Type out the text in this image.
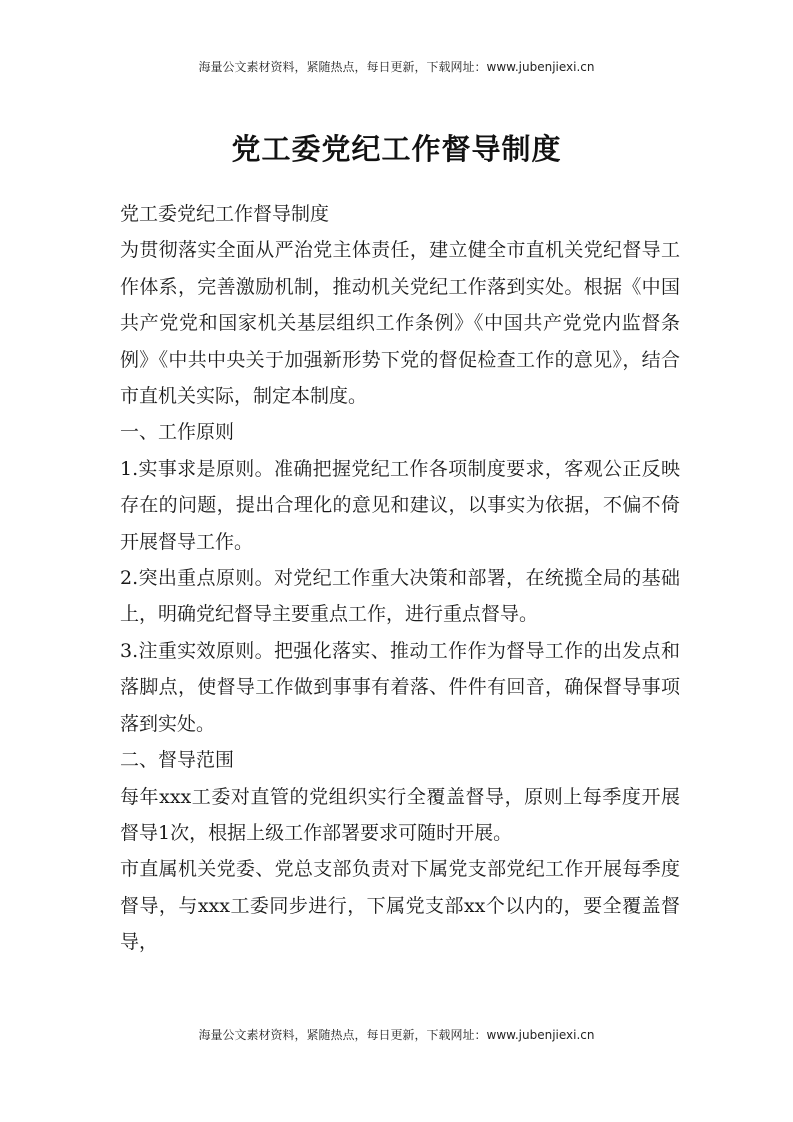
海量公文素材资料，紧随热点，每日更新，下载网址：www.jubenjiexi.cn
党工委党纪工作督导制度

党工委党纪工作督导制度

为贯彻落实全面从严治党主体责任，建立健全市直机关党纪督导工作体系，完善激励机制，推动机关党纪工作落到实处。根据《中国共产党党和国家机关基层组织工作条例》《中国共产党党内监督条例》《中共中央关于加强新形势下党的督促检查工作的意见》，结合市直机关实际，制定本制度。

一、工作原则

1.实事求是原则。准确把握党纪工作各项制度要求，客观公正反映存在的问题，提出合理化的意见和建议，以事实为依据，不偏不倚开展督导工作。

2.突出重点原则。对党纪工作重大决策和部署，在统揽全局的基础上，明确党纪督导主要重点工作，进行重点督导。

3.注重实效原则。把强化落实、推动工作作为督导工作的出发点和落脚点，使督导工作做到事事有着落、件件有回音，确保督导事项落到实处。

二、督导范围

每年xxx工委对直管的党组织实行全覆盖督导，原则上每季度开展督导1次，根据上级工作部署要求可随时开展。

市直属机关党委、党总支部负责对下属党支部党纪工作开展每季度督导，与xxx工委同步进行，下属党支部xx个以内的，要全覆盖督导，

海量公文素材资料，紧随热点，每日更新，下载网址：www.jubenjiexi.cn
